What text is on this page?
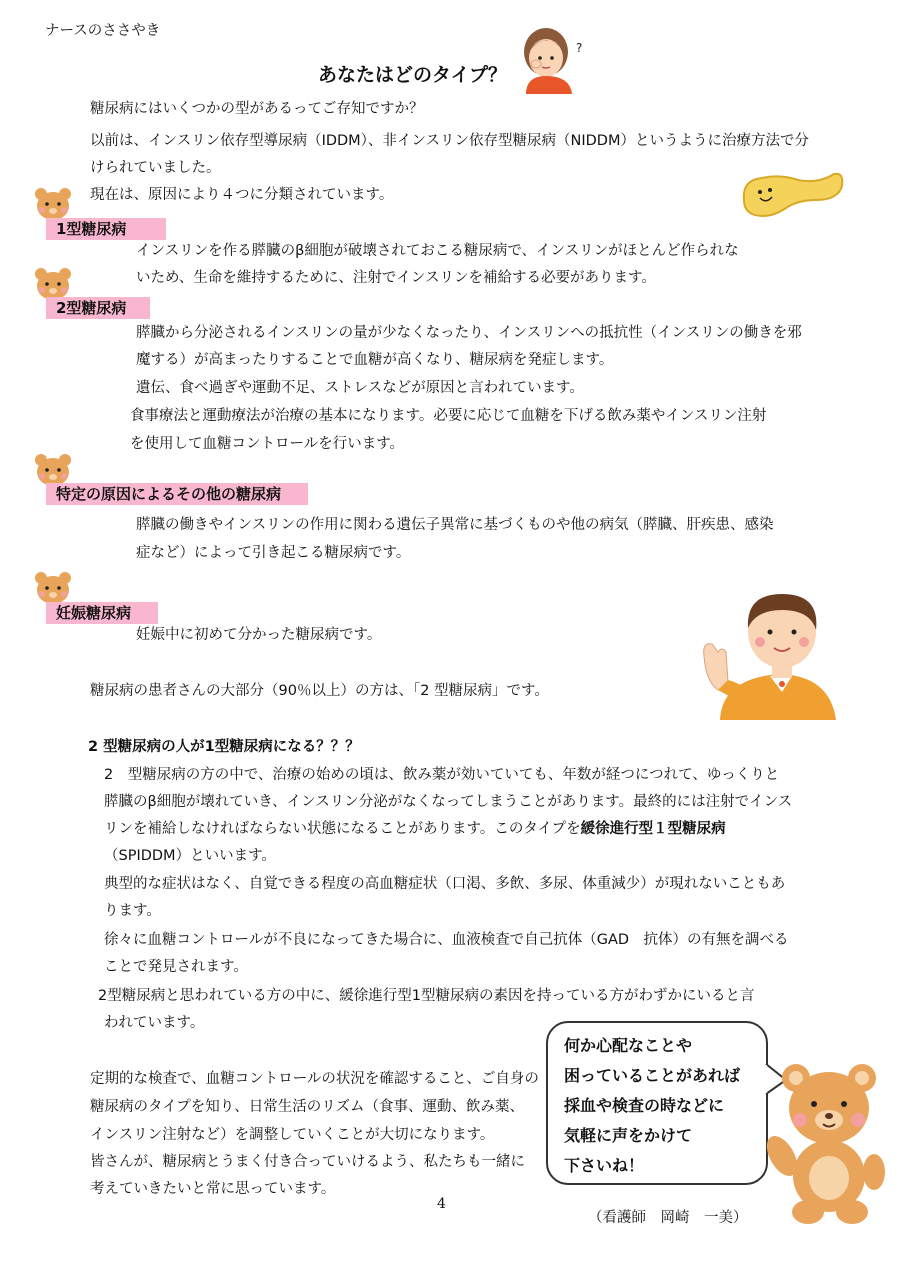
ナースのささやき
あなたはどのタイプ？
?
糖尿病にはいくつかの型があるってご存知ですか？
以前は、インスリン依存型導尿病（IDDM）、非インスリン依存型糖尿病（NIDDM）というように治療方法で分
けられていました。
現在は、原因により４つに分類されています。
1型糖尿病
インスリンを作る膵臓のβ細胞が破壊されておこる糖尿病で、インスリンがほとんど作られな
いため、生命を維持するために、注射でインスリンを補給する必要があります。
2型糖尿病
膵臓から分泌されるインスリンの量が少なくなったり、インスリンへの抵抗性（インスリンの働きを邪
魔する）が高まったりすることで血糖が高くなり、糖尿病を発症します。
遺伝、食べ過ぎや運動不足、ストレスなどが原因と言われています。
食事療法と運動療法が治療の基本になります。必要に応じて血糖を下げる飲み薬やインスリン注射
を使用して血糖コントロールを行います。
特定の原因によるその他の糖尿病
膵臓の働きやインスリンの作用に関わる遺伝子異常に基づくものや他の病気（膵臓、肝疾患、感染
症など）によって引き起こる糖尿病です。
妊娠糖尿病
妊娠中に初めて分かった糖尿病です。
糖尿病の患者さんの大部分（90％以上）の方は、「2 型糖尿病」です。
2 型糖尿病の人が1型糖尿病になる？？？
2　型糖尿病の方の中で、治療の始めの頃は、飲み薬が効いていても、年数が経つにつれて、ゆっくりと
膵臓のβ細胞が壊れていき、インスリン分泌がなくなってしまうことがあります。最終的には注射でインス
リンを補給しなければならない状態になることがあります。このタイプを緩徐進行型１型糖尿病
（SPIDDM）といいます。
典型的な症状はなく、自覚できる程度の高血糖症状（口渇、多飲、多尿、体重減少）が現れないこともあ
ります。
徐々に血糖コントロールが不良になってきた場合に、血液検査で自己抗体（GAD　抗体）の有無を調べる
ことで発見されます。
2型糖尿病と思われている方の中に、緩徐進行型1型糖尿病の素因を持っている方がわずかにいると言
われています。
定期的な検査で、血糖コントロールの状況を確認すること、ご自身の
糖尿病のタイプを知り、日常生活のリズム（食事、運動、飲み薬、
インスリン注射など）を調整していくことが大切になります。
皆さんが、糖尿病とうまく付き合っていけるよう、私たちも一緒に
考えていきたいと常に思っています。
何か心配なことや
困っていることがあれば
採血や検査の時などに
気軽に声をかけて
下さいね！
4
（看護師　岡崎　一美）
